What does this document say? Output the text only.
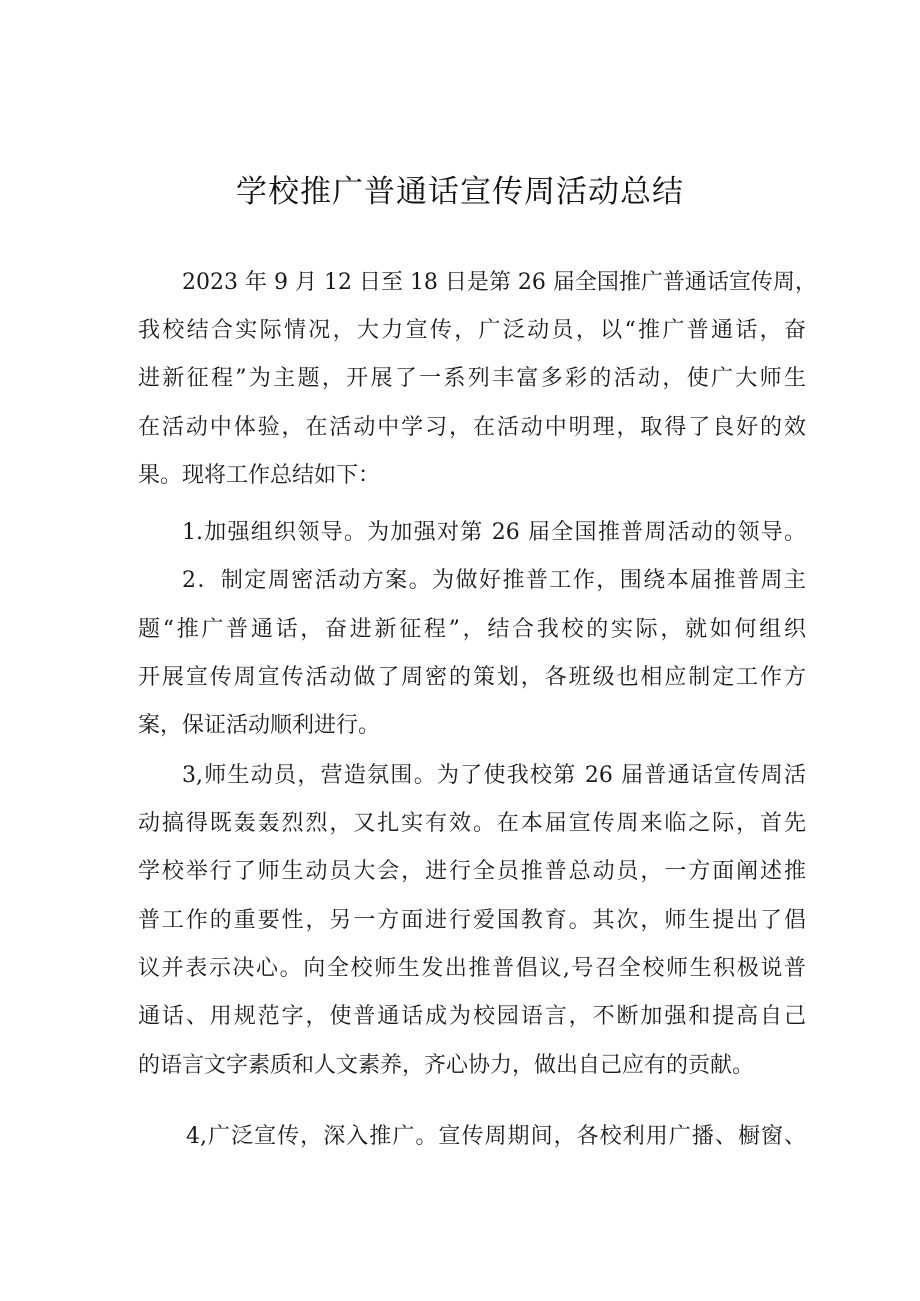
学校推广普通话宣传周活动总结
2023 年 9 月 12 日至 18 日是第 26 届全国推广普通话宣传周，
我校结合实际情况，大力宣传，广泛动员，以“推广普通话，奋
进新征程”为主题，开展了一系列丰富多彩的活动，使广大师生
在活动中体验，在活动中学习，在活动中明理，取得了良好的效
果。现将工作总结如下：
1.加强组织领导。为加强对第 26 届全国推普周活动的领导。
2．制定周密活动方案。为做好推普工作，围绕本届推普周主
题“推广普通话，奋进新征程”，结合我校的实际，就如何组织
开展宣传周宣传活动做了周密的策划，各班级也相应制定工作方
案，保证活动顺利进行。
3,师生动员，营造氛围。为了使我校第 26 届普通话宣传周活
动搞得既轰轰烈烈，又扎实有效。在本届宣传周来临之际，首先
学校举行了师生动员大会，进行全员推普总动员，一方面阐述推
普工作的重要性，另一方面进行爱国教育。其次，师生提出了倡
议并表示决心。向全校师生发出推普倡议,号召全校师生积极说普
通话、用规范字，使普通话成为校园语言，不断加强和提高自己
的语言文字素质和人文素养，齐心协力，做出自己应有的贡献。
4,广泛宣传，深入推广。宣传周期间，各校利用广播、橱窗、
